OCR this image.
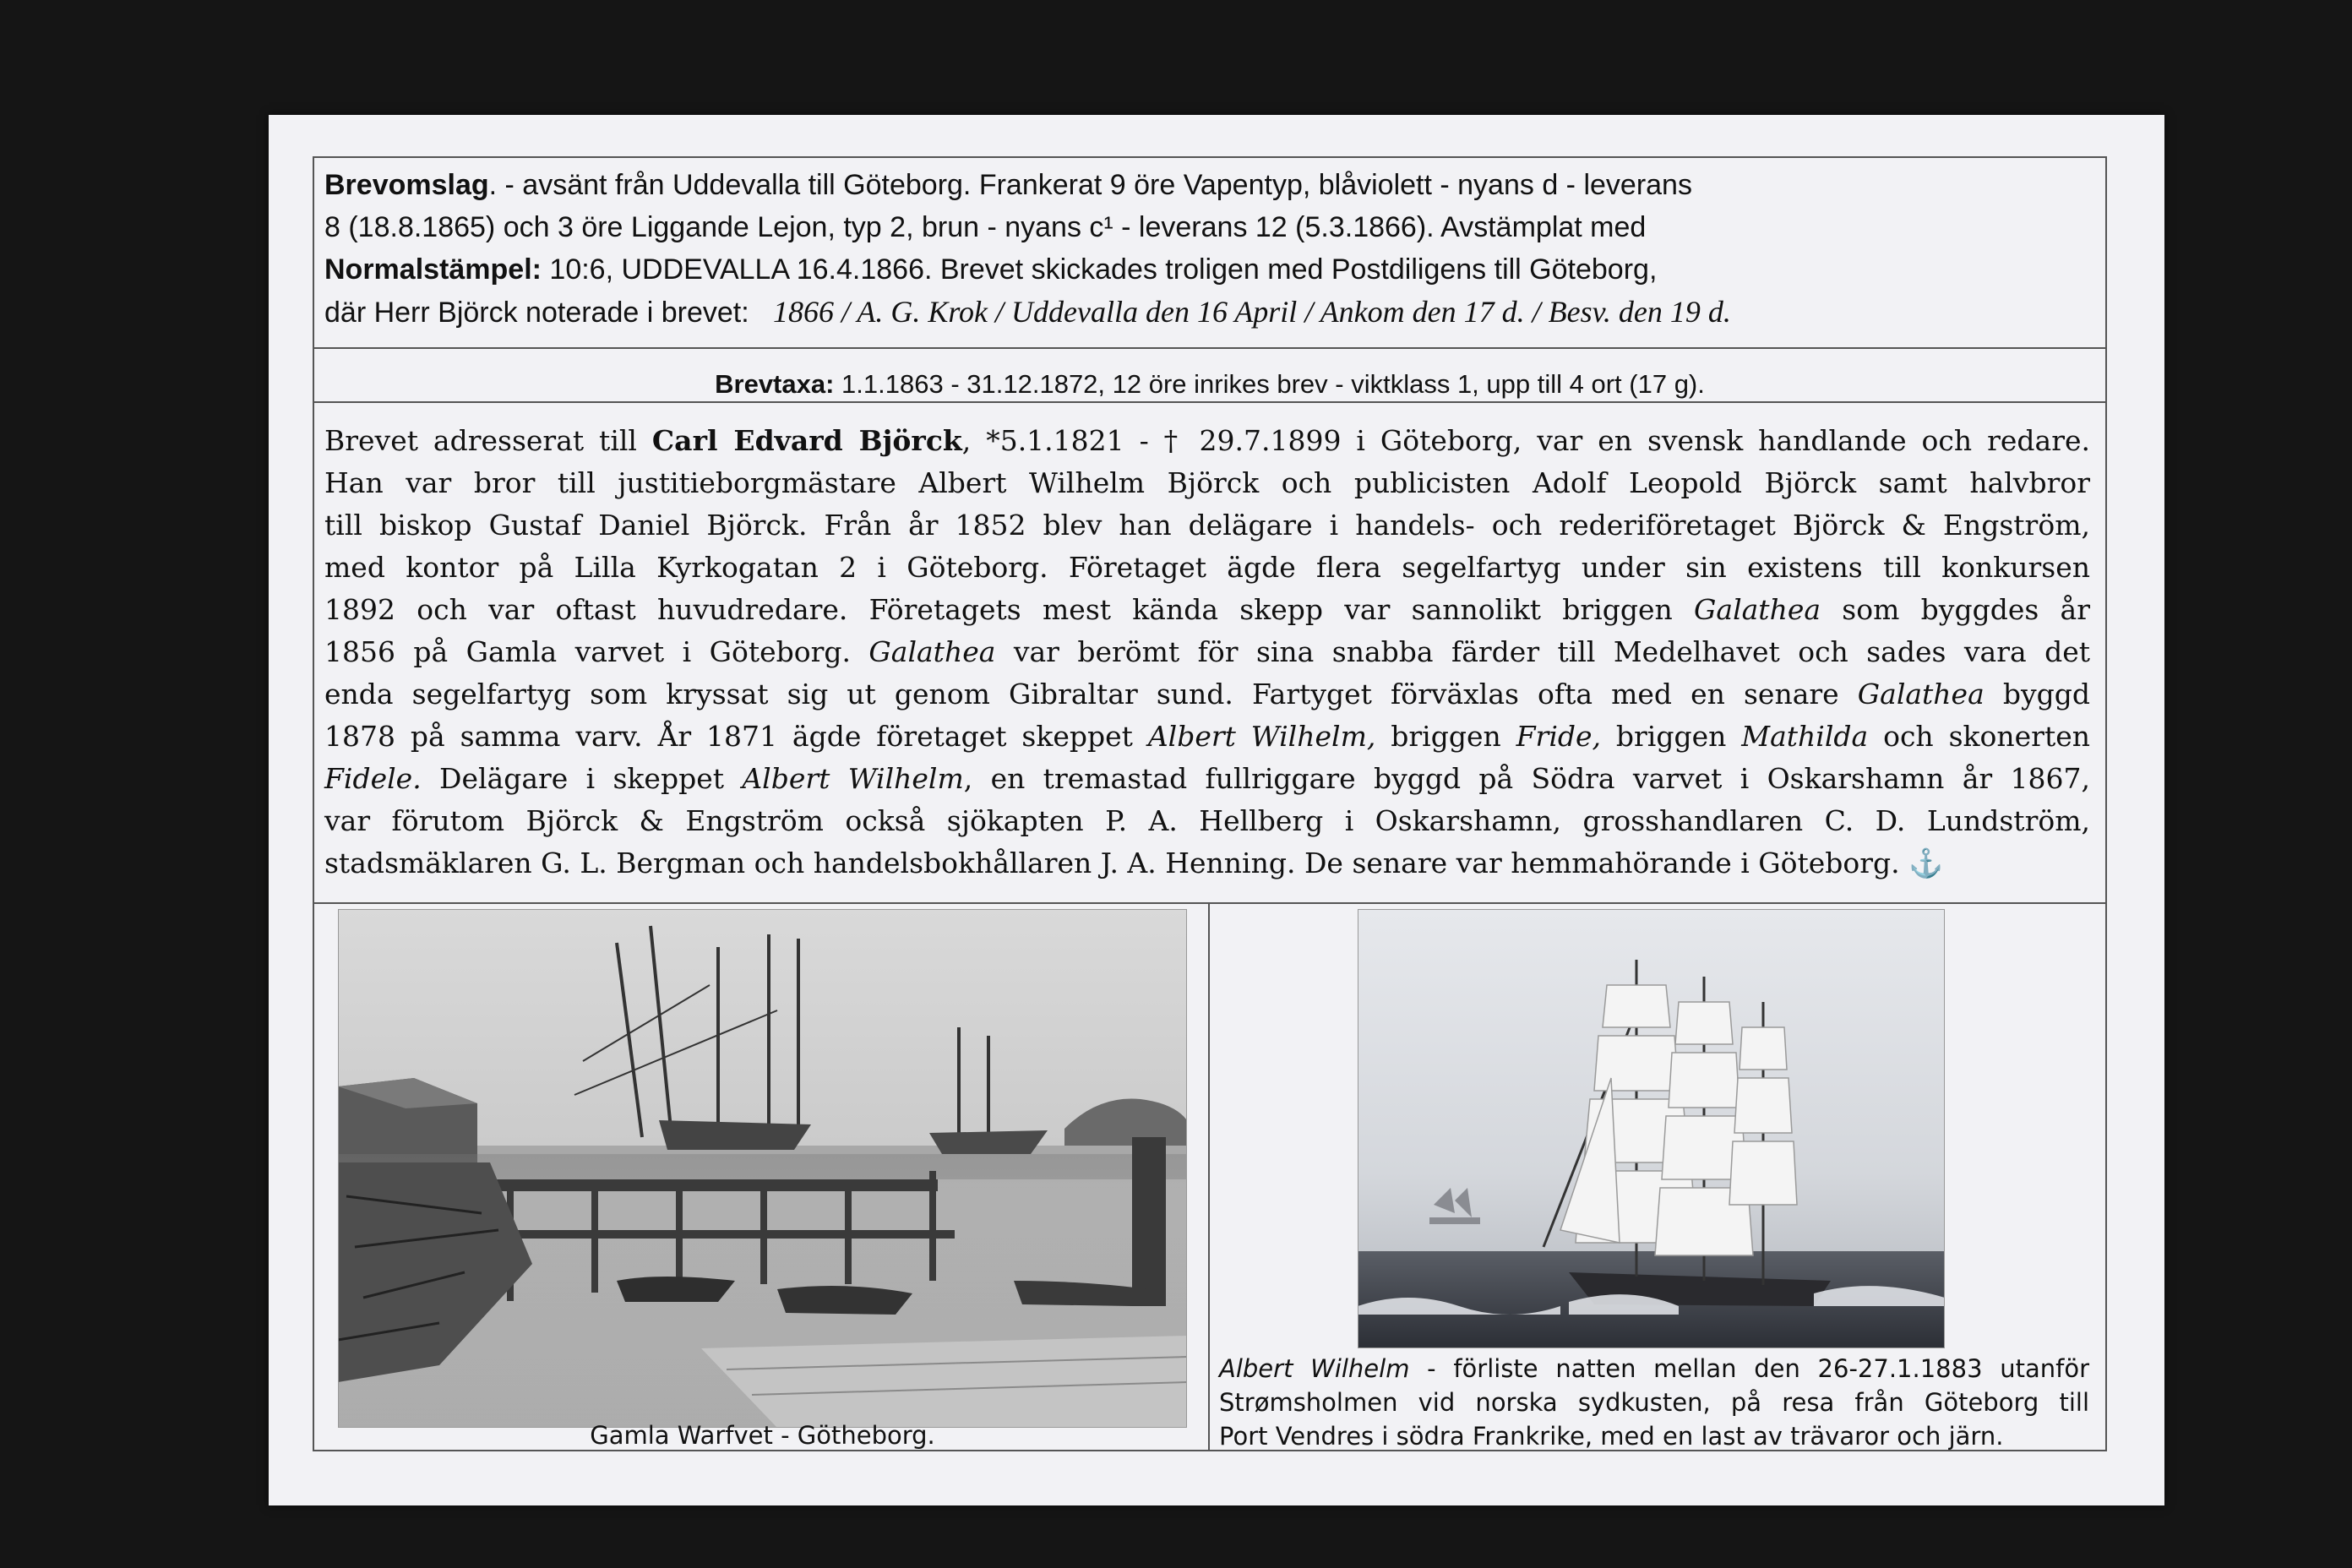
Brevomslag. - avsänt från Uddevalla till Göteborg. Frankerat 9 öre Vapentyp, blåviolett - nyans d - leverans
8 (18.8.1865) och 3 öre Liggande Lejon, typ 2, brun - nyans c¹ - leverans 12 (5.3.1866). Avstämplat med
Normalstämpel: 10:6, UDDEVALLA 16.4.1866. Brevet skickades troligen med Postdiligens till Göteborg,
där Herr Björck noterade i brevet: 1866 / A. G. Krok / Uddevalla den 16 April / Ankom den 17 d. / Besv. den 19 d.
Brevtaxa: 1.1.1863 - 31.12.1872, 12 öre inrikes brev - viktklass 1, upp till 4 ort (17 g).
Brevet adresserat till Carl Edvard Björck, *5.1.1821 - † 29.7.1899 i Göteborg, var en svensk handlande och redare.
Han var bror till justitieborgmästare Albert Wilhelm Björck och publicisten Adolf Leopold Björck samt halvbror
till biskop Gustaf Daniel Björck. Från år 1852 blev han delägare i handels- och rederiföretaget Björck & Engström,
med kontor på Lilla Kyrkogatan 2 i Göteborg. Företaget ägde flera segelfartyg under sin existens till konkursen
1892 och var oftast huvudredare. Företagets mest kända skepp var sannolikt briggen Galathea som byggdes år
1856 på Gamla varvet i Göteborg. Galathea var berömt för sina snabba färder till Medelhavet och sades vara det
enda segelfartyg som kryssat sig ut genom Gibraltar sund. Fartyget förväxlas ofta med en senare Galathea byggd
1878 på samma varv. År 1871 ägde företaget skeppet Albert Wilhelm, briggen Fride, briggen Mathilda och skonerten
Fidele. Delägare i skeppet Albert Wilhelm, en tremastad fullriggare byggd på Södra varvet i Oskarshamn år 1867,
var förutom Björck & Engström också sjökapten P. A. Hellberg i Oskarshamn, grosshandlaren C. D. Lundström,
stadsmäklaren G. L. Bergman och handelsbokhållaren J. A. Henning. De senare var hemmahörande i Göteborg. ⚓
Gamla Warfvet - Götheborg.
Albert Wilhelm - förliste natten mellan den 26-27.1.1883 utanför
Strømsholmen vid norska sydkusten, på resa från Göteborg till
Port Vendres i södra Frankrike, med en last av trävaror och järn.
